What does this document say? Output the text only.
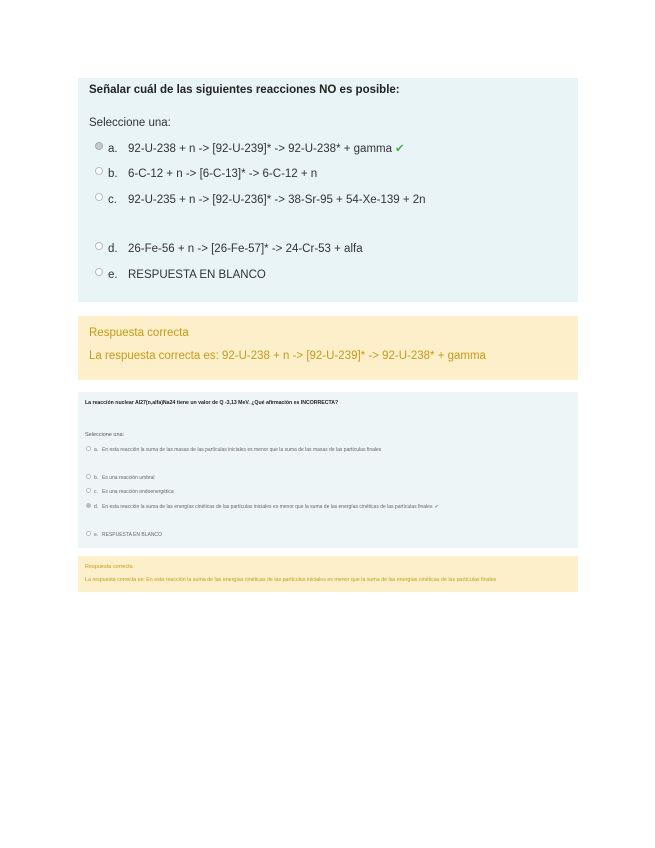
Señalar cuál de las siguientes reacciones NO es posible:
Seleccione una:
a. 92-U-238 + n -> [92-U-239]* -> 92-U-238* + gamma ✔
b. 6-C-12 + n -> [6-C-13]* -> 6-C-12 + n
c. 92-U-235 + n -> [92-U-236]* -> 38-Sr-95 + 54-Xe-139 + 2n
d. 26-Fe-56 + n -> [26-Fe-57]* -> 24-Cr-53 + alfa
e. RESPUESTA EN BLANCO
Respuesta correcta
La respuesta correcta es: 92-U-238 + n -> [92-U-239]* -> 92-U-238* + gamma
La reacción nuclear Al27(n,alfa)Na24 tiene un valor de Q -3,13 MeV. ¿Qué afirmación es INCORRECTA?
Seleccione una:
a. En esta reacción la suma de las masas de las partículas iniciales es menor que la suma de las masas de las partículas finales
b. Es una reacción umbral
c. Es una reacción endoenergética
d. En esta reacción la suma de las energías cinéticas de las partículas iniciales es menor que la suma de las energías cinéticas de las partículas finales ✔
e. RESPUESTA EN BLANCO
Respuesta correcta
La respuesta correcta es: En esta reacción la suma de las energías cinéticas de las partículas iniciales es menor que la suma de las energías cinéticas de las partículas finales
